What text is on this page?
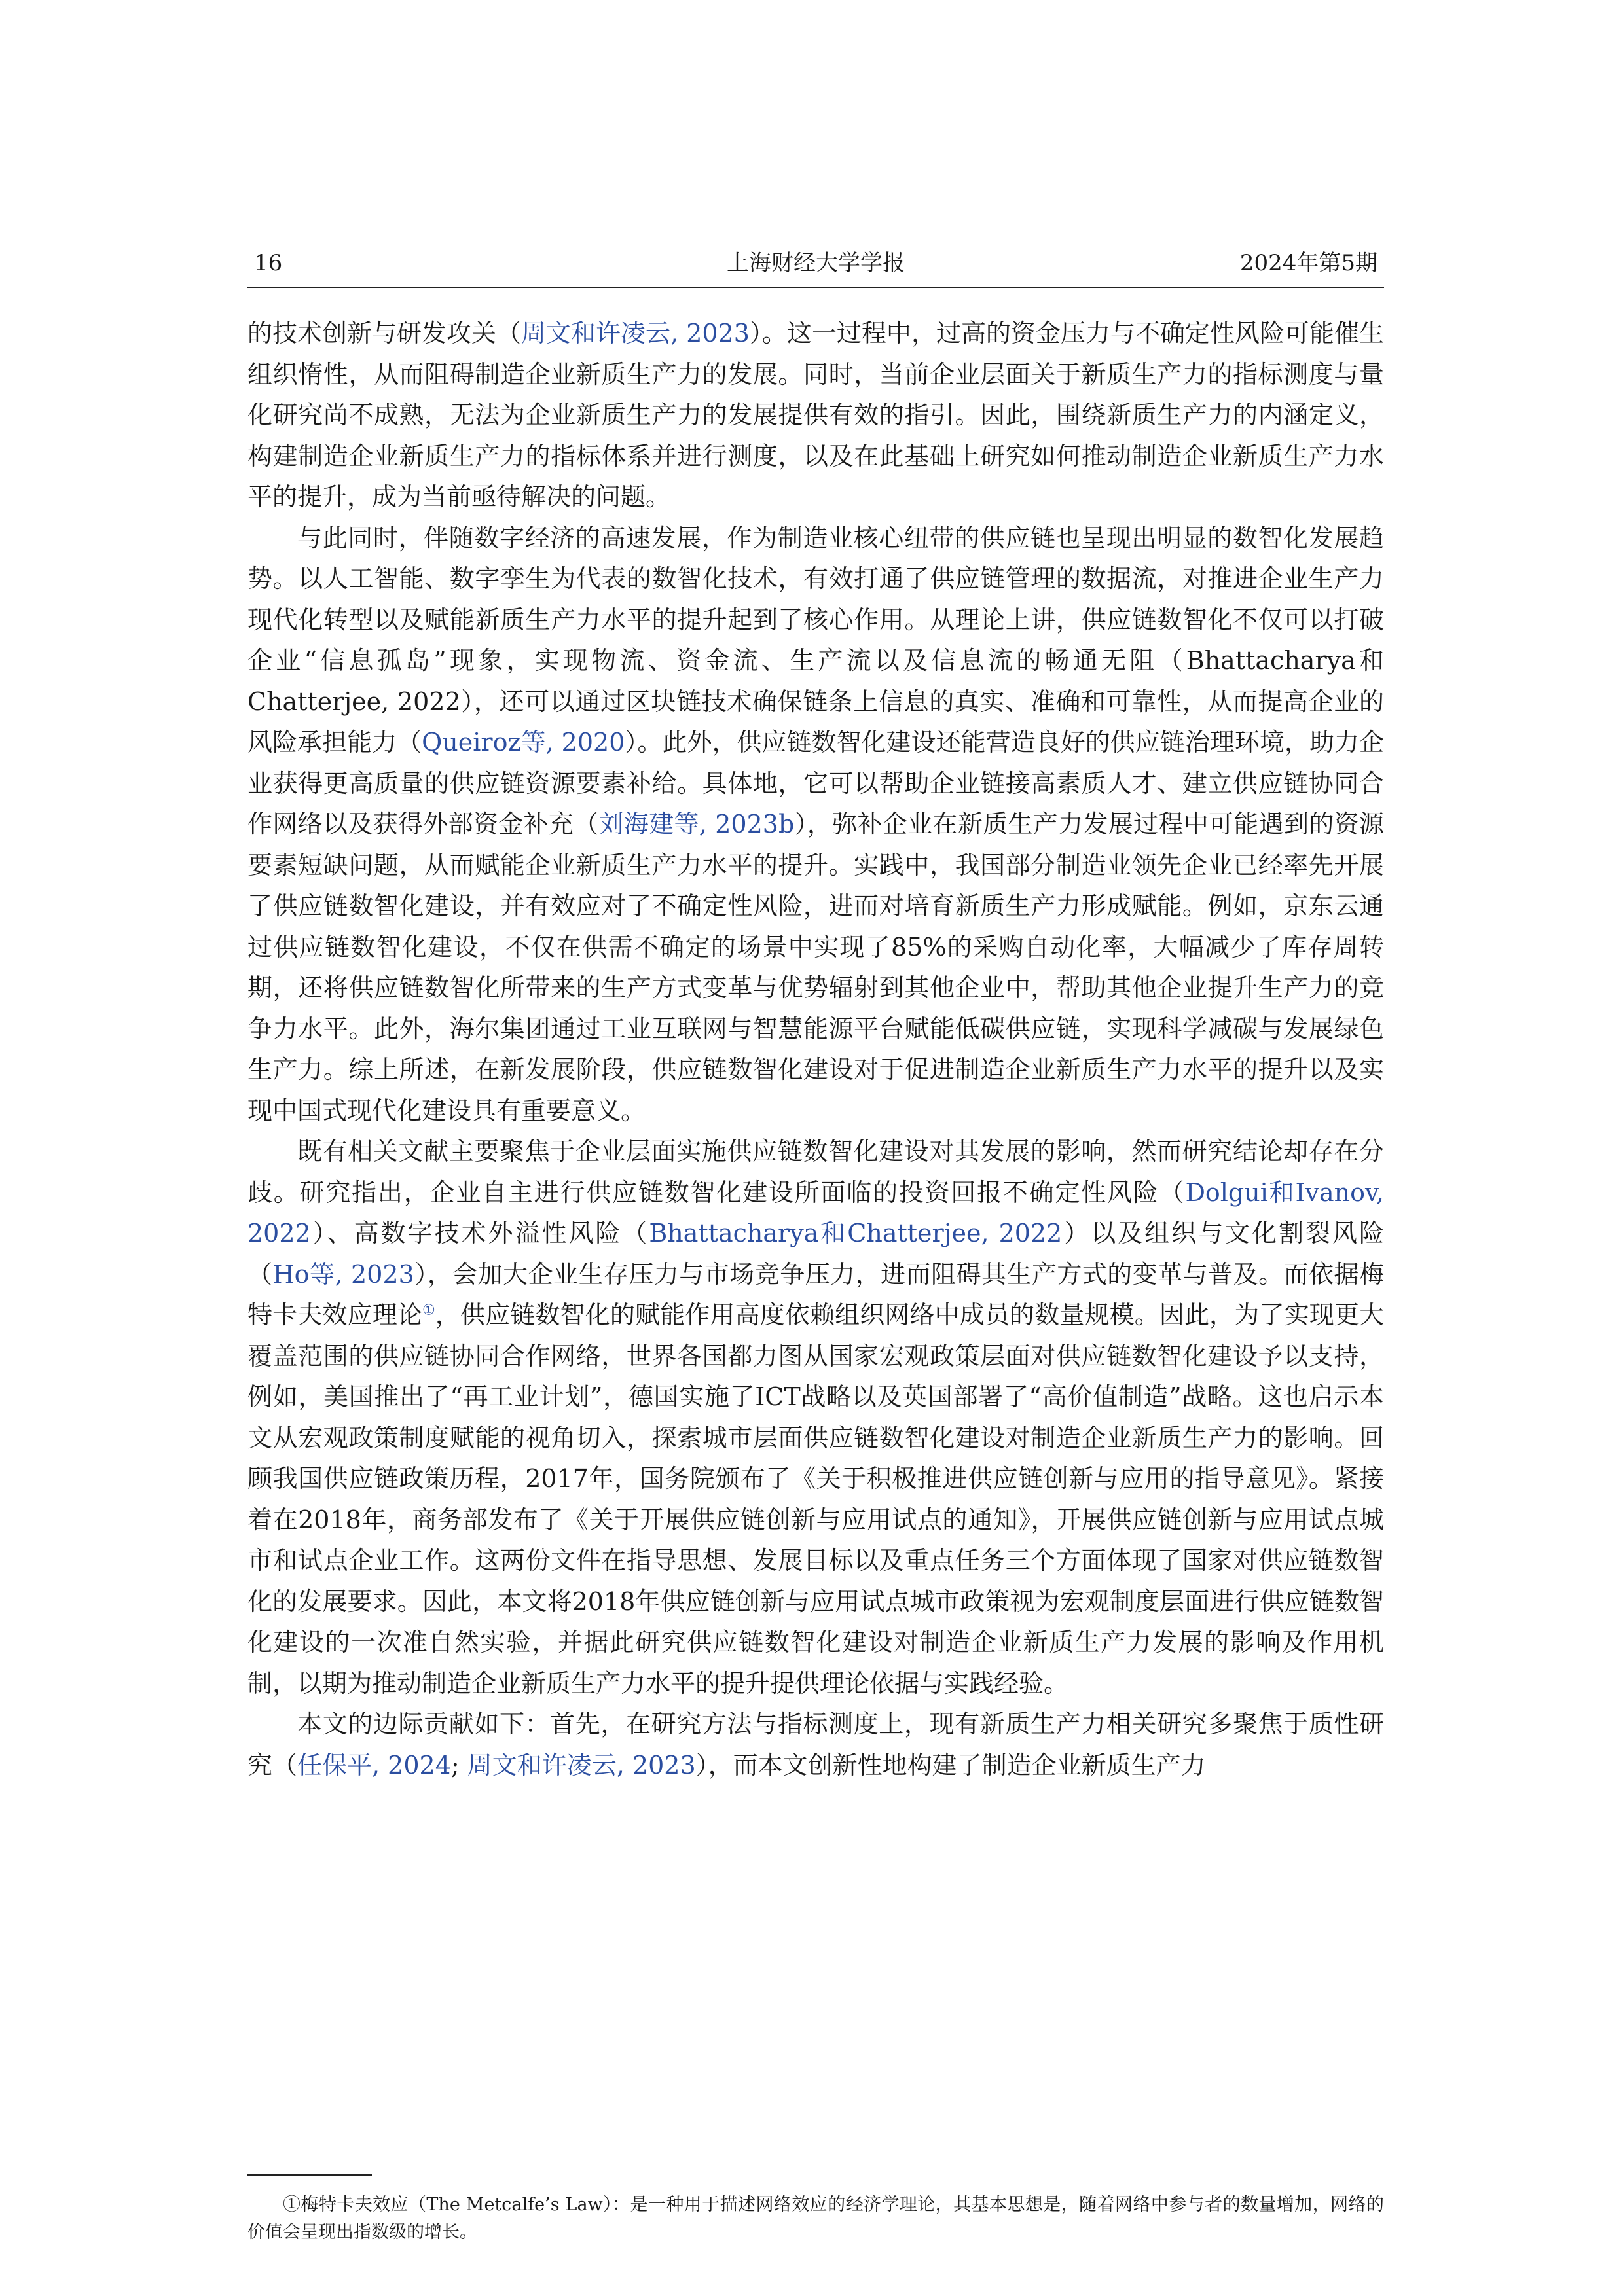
16	上海财经大学学报	2024年第5期

的技术创新与研发攻关（周文和许凌云, 2023）。这一过程中，过高的资金压力与不确定性风险可能催生组织惰性，从而阻碍制造企业新质生产力的发展。同时，当前企业层面关于新质生产力的指标测度与量化研究尚不成熟，无法为企业新质生产力的发展提供有效的指引。因此，围绕新质生产力的内涵定义，构建制造企业新质生产力的指标体系并进行测度，以及在此基础上研究如何推动制造企业新质生产力水平的提升，成为当前亟待解决的问题。

与此同时，伴随数字经济的高速发展，作为制造业核心纽带的供应链也呈现出明显的数智化发展趋势。以人工智能、数字孪生为代表的数智化技术，有效打通了供应链管理的数据流，对推进企业生产力现代化转型以及赋能新质生产力水平的提升起到了核心作用。从理论上讲，供应链数智化不仅可以打破企业“信息孤岛”现象，实现物流、资金流、生产流以及信息流的畅通无阻（Bhattacharya和Chatterjee, 2022），还可以通过区块链技术确保链条上信息的真实、准确和可靠性，从而提高企业的风险承担能力（Queiroz等, 2020）。此外，供应链数智化建设还能营造良好的供应链治理环境，助力企业获得更高质量的供应链资源要素补给。具体地，它可以帮助企业链接高素质人才、建立供应链协同合作网络以及获得外部资金补充（刘海建等, 2023b），弥补企业在新质生产力发展过程中可能遇到的资源要素短缺问题，从而赋能企业新质生产力水平的提升。实践中，我国部分制造业领先企业已经率先开展了供应链数智化建设，并有效应对了不确定性风险，进而对培育新质生产力形成赋能。例如，京东云通过供应链数智化建设，不仅在供需不确定的场景中实现了85%的采购自动化率，大幅减少了库存周转期，还将供应链数智化所带来的生产方式变革与优势辐射到其他企业中，帮助其他企业提升生产力的竞争力水平。此外，海尔集团通过工业互联网与智慧能源平台赋能低碳供应链，实现科学减碳与发展绿色生产力。综上所述，在新发展阶段，供应链数智化建设对于促进制造企业新质生产力水平的提升以及实现中国式现代化建设具有重要意义。

既有相关文献主要聚焦于企业层面实施供应链数智化建设对其发展的影响，然而研究结论却存在分歧。研究指出，企业自主进行供应链数智化建设所面临的投资回报不确定性风险（Dolgui和Ivanov, 2022）、高数字技术外溢性风险（Bhattacharya和Chatterjee, 2022）以及组织与文化割裂风险（Ho等, 2023），会加大企业生存压力与市场竞争压力，进而阻碍其生产方式的变革与普及。而依据梅特卡夫效应理论①，供应链数智化的赋能作用高度依赖组织网络中成员的数量规模。因此，为了实现更大覆盖范围的供应链协同合作网络，世界各国都力图从国家宏观政策层面对供应链数智化建设予以支持，例如，美国推出了“再工业计划”，德国实施了ICT战略以及英国部署了“高价值制造”战略。这也启示本文从宏观政策制度赋能的视角切入，探索城市层面供应链数智化建设对制造企业新质生产力的影响。回顾我国供应链政策历程，2017年，国务院颁布了《关于积极推进供应链创新与应用的指导意见》。紧接着在2018年，商务部发布了《关于开展供应链创新与应用试点的通知》，开展供应链创新与应用试点城市和试点企业工作。这两份文件在指导思想、发展目标以及重点任务三个方面体现了国家对供应链数智化的发展要求。因此，本文将2018年供应链创新与应用试点城市政策视为宏观制度层面进行供应链数智化建设的一次准自然实验，并据此研究供应链数智化建设对制造企业新质生产力发展的影响及作用机制，以期为推动制造企业新质生产力水平的提升提供理论依据与实践经验。

本文的边际贡献如下：首先，在研究方法与指标测度上，现有新质生产力相关研究多聚焦于质性研究（任保平, 2024; 周文和许凌云, 2023），而本文创新性地构建了制造企业新质生产力

①梅特卡夫效应（The Metcalfe’s Law）：是一种用于描述网络效应的经济学理论，其基本思想是，随着网络中参与者的数量增加，网络的价值会呈现出指数级的增长。
